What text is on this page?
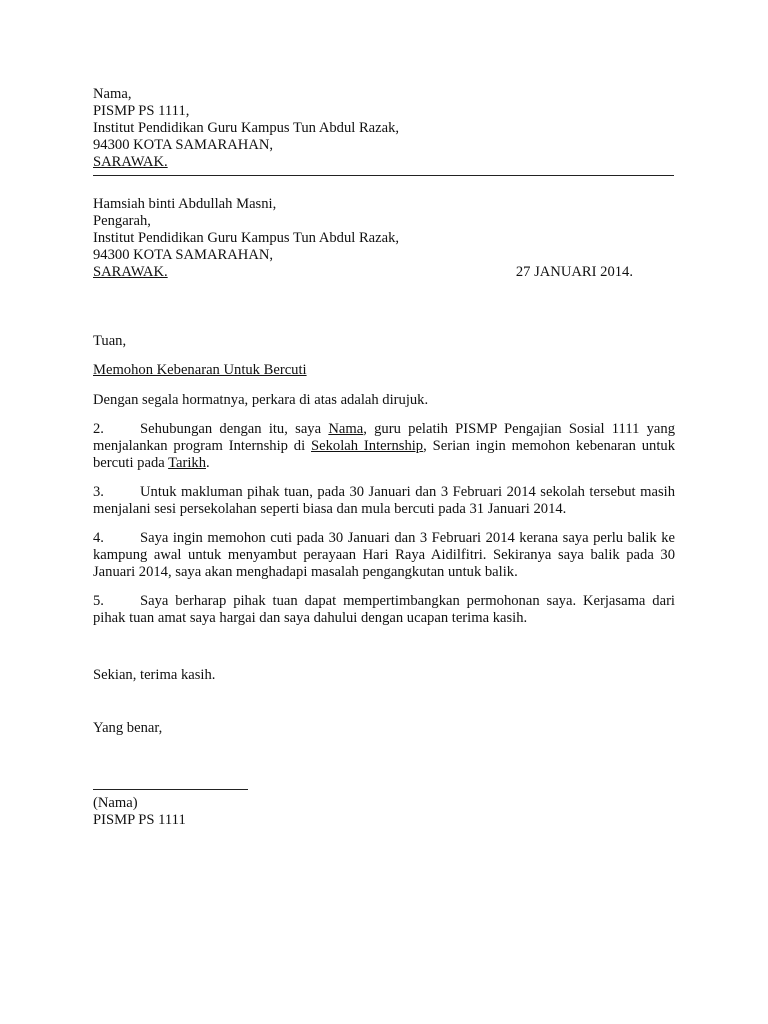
Nama,
PISMP PS 1111,
Institut Pendidikan Guru Kampus Tun Abdul Razak,
94300 KOTA SAMARAHAN,
SARAWAK.
Hamsiah binti Abdullah Masni,
Pengarah,
Institut Pendidikan Guru Kampus Tun Abdul Razak,
94300 KOTA SAMARAHAN,
SARAWAK.	27 JANUARI 2014.
Tuan,
Memohon Kebenaran Untuk Bercuti
Dengan segala hormatnya, perkara di atas adalah dirujuk.
2. Sehubungan dengan itu, saya Nama, guru pelatih PISMP Pengajian Sosial 1111 yang menjalankan program Internship di Sekolah Internship, Serian ingin memohon kebenaran untuk bercuti pada Tarikh.
3. Untuk makluman pihak tuan, pada 30 Januari dan 3 Februari 2014 sekolah tersebut masih menjalani sesi persekolahan seperti biasa dan mula bercuti pada 31 Januari 2014.
4. Saya ingin memohon cuti pada 30 Januari dan 3 Februari 2014 kerana saya perlu balik ke kampung awal untuk menyambut perayaan Hari Raya Aidilfitri. Sekiranya saya balik pada 30 Januari 2014, saya akan menghadapi masalah pengangkutan untuk balik.
5. Saya berharap pihak tuan dapat mempertimbangkan permohonan saya. Kerjasama dari pihak tuan amat saya hargai dan saya dahului dengan ucapan terima kasih.
Sekian, terima kasih.
Yang benar,
(Nama)
PISMP PS 1111
